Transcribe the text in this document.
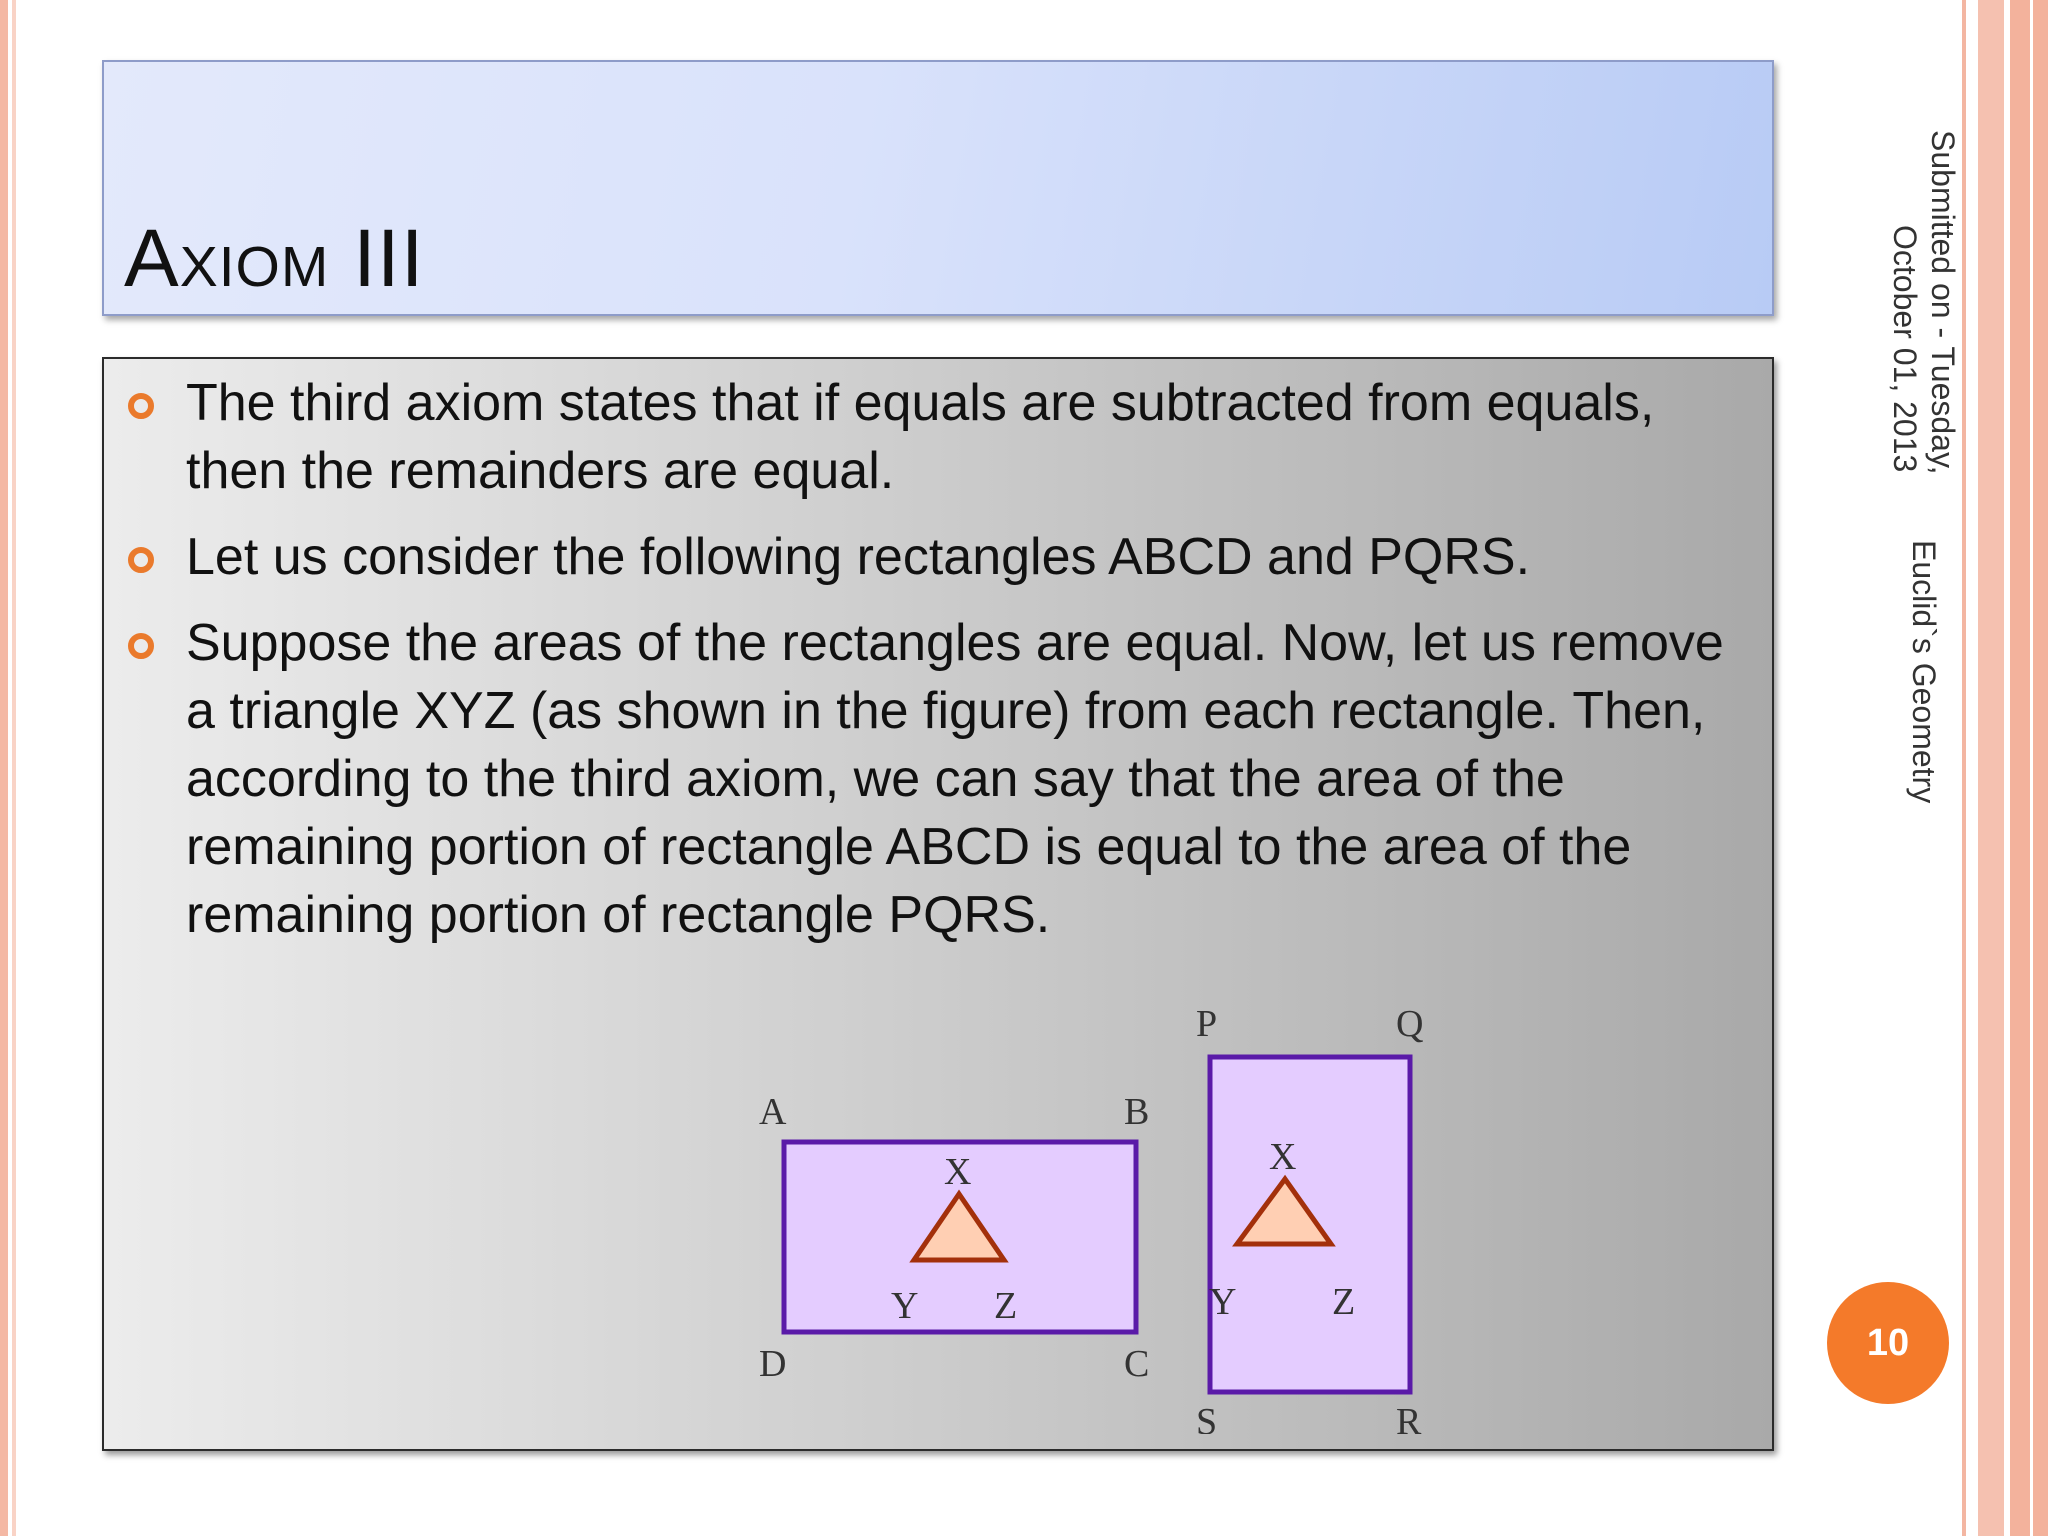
Axiom III
The third axiom states that if equals are subtracted from equals, then the remainders are equal.
Let us consider the following rectangles ABCD and PQRS.
Suppose the areas of the rectangles are equal. Now, let us remove a triangle XYZ (as shown in the figure) from each rectangle. Then, according to the third axiom, we can say that the area of the remaining portion of rectangle ABCD is equal to the area of the remaining portion of rectangle PQRS.
A	B
C
D
X
Y Z
P	Q
R
S
X
Y	Z
Submitted on - Tuesday,
October 01, 2013
Euclid`s Geometry
10
